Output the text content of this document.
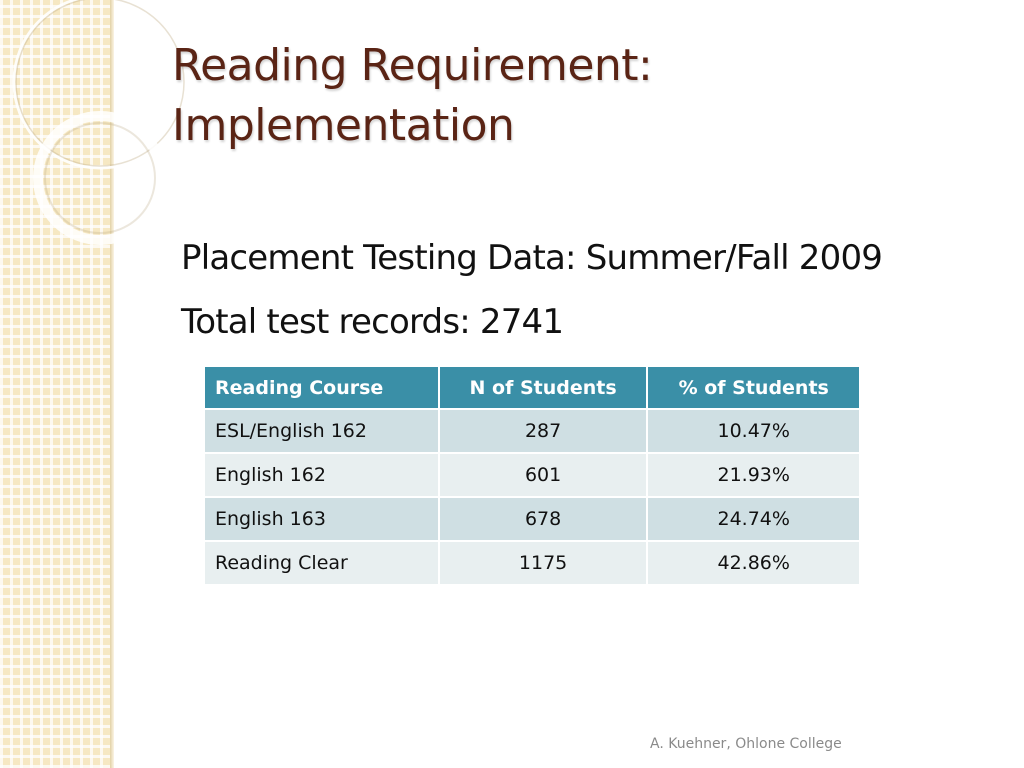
Reading Requirement:
Implementation

Placement Testing Data: Summer/Fall 2009

Total test records: 2741

Reading Course	N of Students	% of Students
ESL/English 162	287	10.47%
English 162	601	21.93%
English 163	678	24.74%
Reading Clear	1175	42.86%
A. Kuehner, Ohlone College
